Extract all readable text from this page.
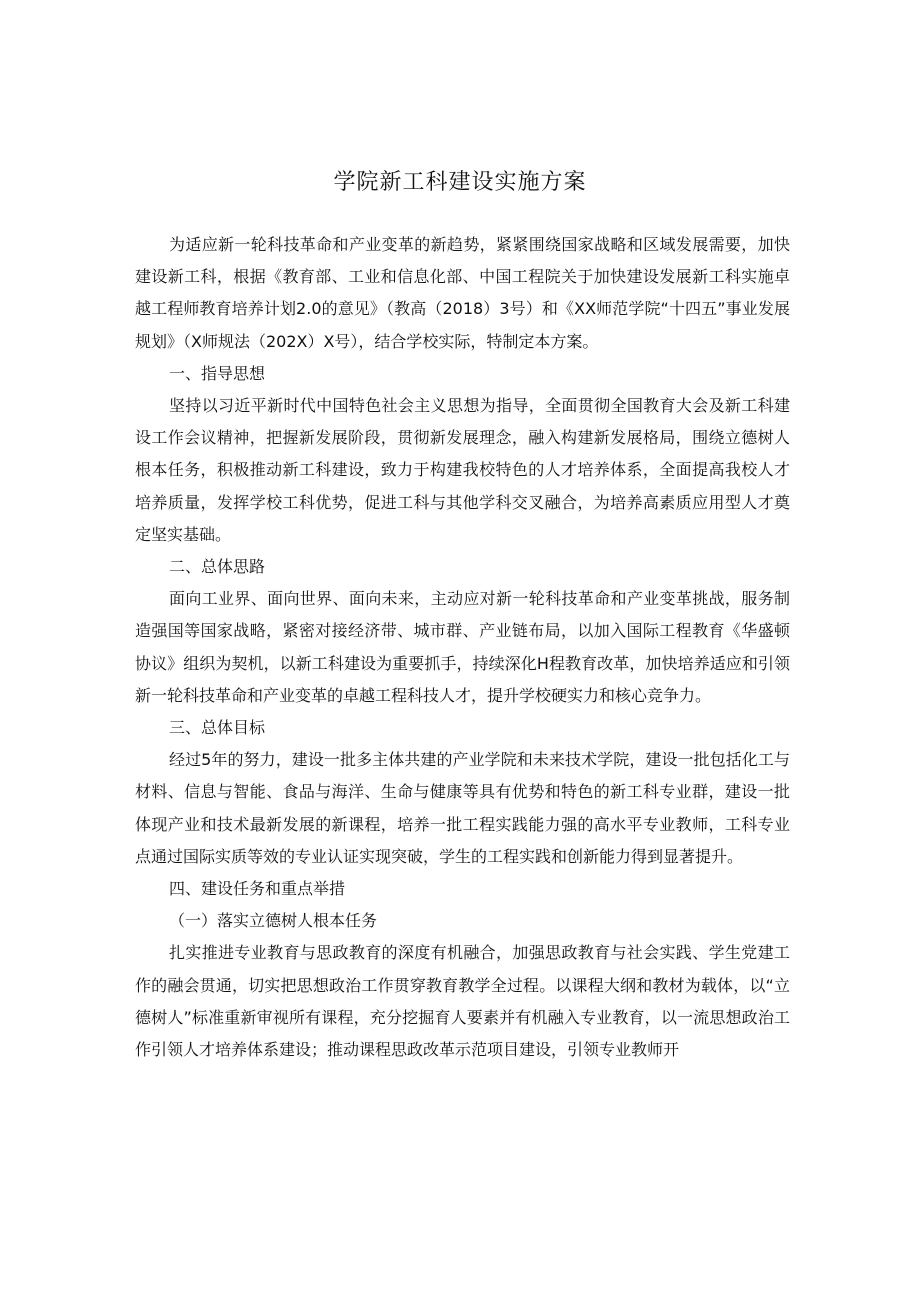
学院新工科建设实施方案

为适应新一轮科技革命和产业变革的新趋势，紧紧围绕国家战略和区域发展需要，加快建设新工科，根据《教育部、工业和信息化部、中国工程院关于加快建设发展新工科实施卓越工程师教育培养计划2.0的意见》（教高（2018）3号）和《XX师范学院“十四五”事业发展规划》（X师规法（202X）X号），结合学校实际，特制定本方案。

一、指导思想

坚持以习近平新时代中国特色社会主义思想为指导，全面贯彻全国教育大会及新工科建设工作会议精神，把握新发展阶段，贯彻新发展理念，融入构建新发展格局，围绕立德树人根本任务，积极推动新工科建设，致力于构建我校特色的人才培养体系，全面提高我校人才培养质量，发挥学校工科优势，促进工科与其他学科交叉融合，为培养高素质应用型人才奠定坚实基础。

二、总体思路

面向工业界、面向世界、面向未来，主动应对新一轮科技革命和产业变革挑战，服务制造强国等国家战略，紧密对接经济带、城市群、产业链布局，以加入国际工程教育《华盛顿协议》组织为契机，以新工科建设为重要抓手，持续深化H程教育改革，加快培养适应和引领新一轮科技革命和产业变革的卓越工程科技人才，提升学校硬实力和核心竞争力。

三、总体目标

经过5年的努力，建设一批多主体共建的产业学院和未来技术学院，建设一批包括化工与材料、信息与智能、食品与海洋、生命与健康等具有优势和特色的新工科专业群，建设一批体现产业和技术最新发展的新课程，培养一批工程实践能力强的高水平专业教师，工科专业点通过国际实质等效的专业认证实现突破，学生的工程实践和创新能力得到显著提升。

四、建设任务和重点举措

（一）落实立德树人根本任务

扎实推进专业教育与思政教育的深度有机融合，加强思政教育与社会实践、学生党建工作的融会贯通，切实把思想政治工作贯穿教育教学全过程。以课程大纲和教材为载体，以“立德树人”标准重新审视所有课程，充分挖掘育人要素并有机融入专业教育，以一流思想政治工作引领人才培养体系建设；推动课程思政改革示范项目建设，引领专业教师开
